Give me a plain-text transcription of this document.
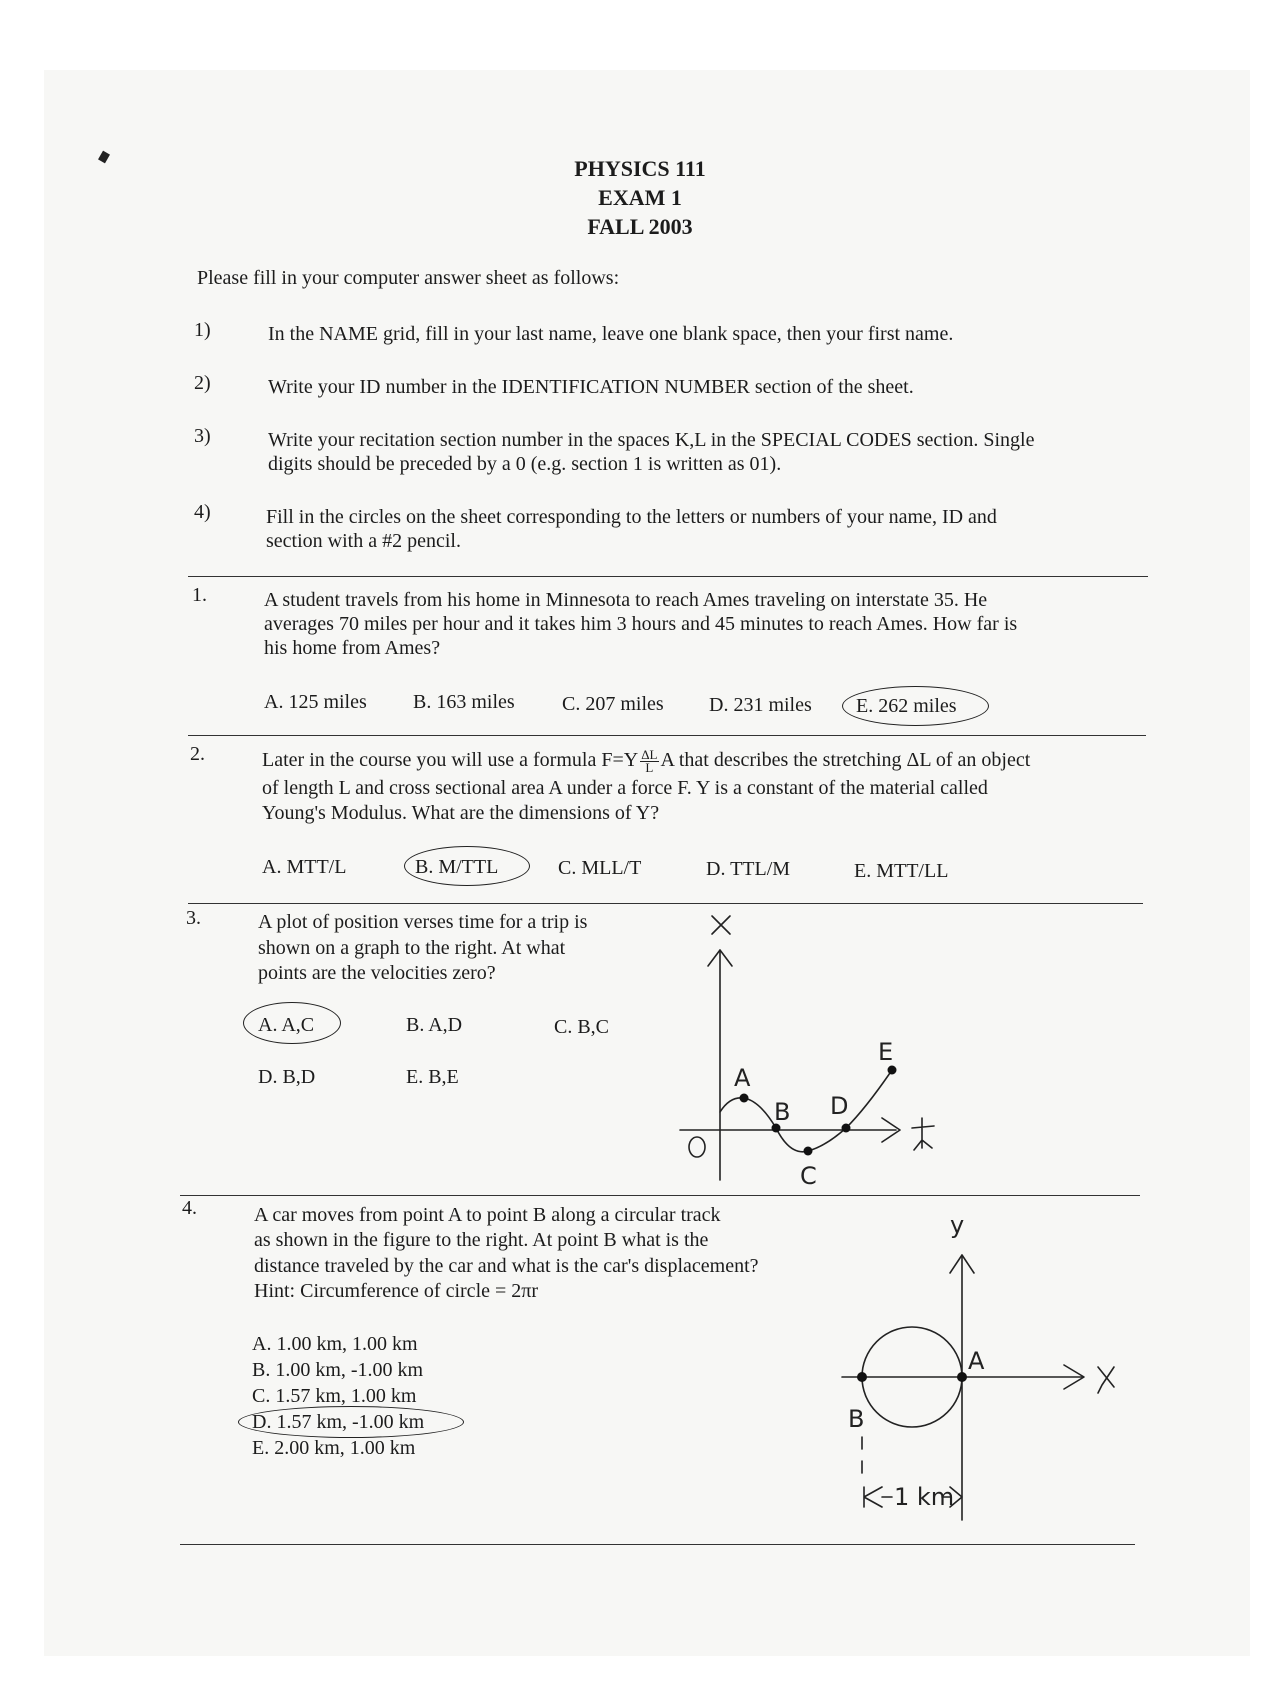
PHYSICS 111
EXAM 1
FALL 2003
Please fill in your computer answer sheet as follows:
1)	In the NAME grid, fill in your last name, leave one blank space, then your first name.
2)	Write your ID number in the IDENTIFICATION NUMBER section of the sheet.
3)	Write your recitation section number in the spaces K,L in the SPECIAL CODES section. Single
digits should be preceded by a 0 (e.g. section 1 is written as 01).
4)	Fill in the circles on the sheet corresponding to the letters or numbers of your name, ID and
section with a #2 pencil.
1.	A student travels from his home in Minnesota to reach Ames traveling on interstate 35. He
averages 70 miles per hour and it takes him 3 hours and 45 minutes to reach Ames. How far is
his home from Ames?
A. 125 miles B. 163 miles C. 207 miles D. 231 miles E. 262 miles
2.	Later in the course you will use a formula $F=Y \frac{\Delta L}{L}$ A that describes the stretching ΔL of an object
of length L and cross sectional area A under a force F. Y is a constant of the material called
Young's Modulus. What are the dimensions of Y?
A. MTT/L	B. M/TTL	C. MLL/T	D. TTL/M	E. MTT/LL
3.	A plot of position verses time for a trip is
shown on a graph to the right. At what
points are the velocities zero?
A. A,C	B. A,D	C. B,C
D. B,D	E. B,E	A
B
C
D
E
4.	A car moves from point A to point B along a circular track
as shown in the figure to the right. At point B what is the
distance traveled by the car and what is the car's displacement?
Hint: Circumference of circle = 2πr
A. 1.00 km, 1.00 km
B. 1.00 km, -1.00 km
C. 1.57 km, 1.00 km
D. 1.57 km, -1.00 km
E. 2.00 km, 1.00 km
y
A
B
1 km
